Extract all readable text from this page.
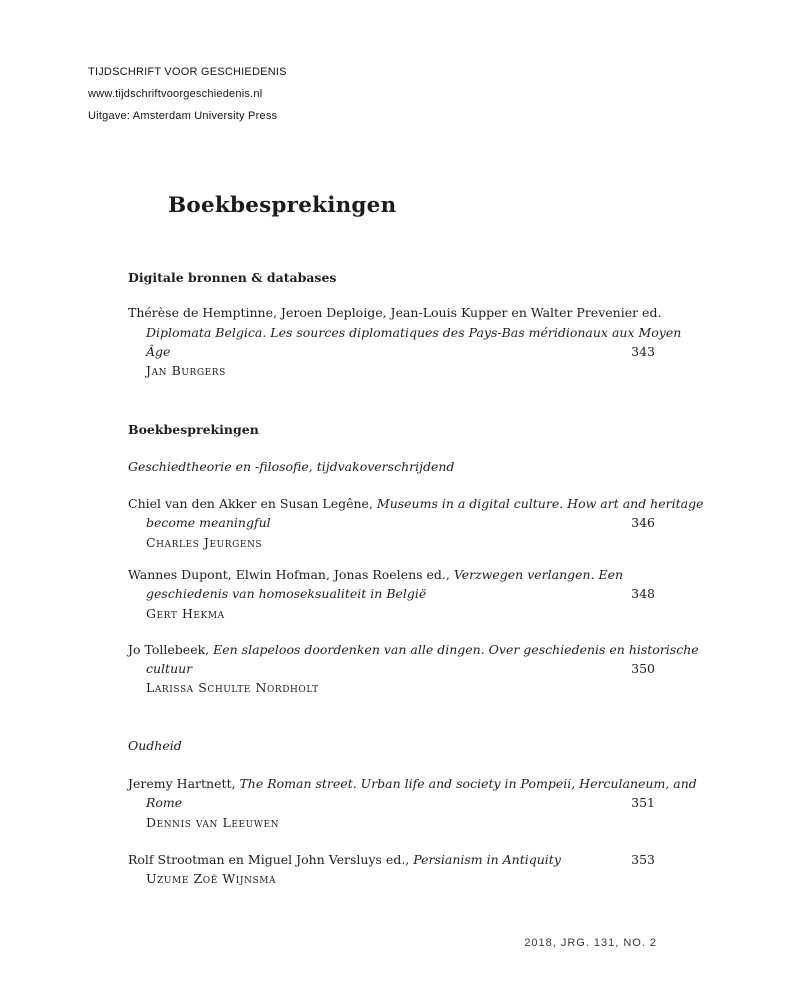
TIJDSCHRIFT VOOR GESCHIEDENIS
www.tijdschriftvoorgeschiedenis.nl
Uitgave: Amsterdam University Press
Boekbesprekingen
Digitale bronnen & databases
Thérèse de Hemptinne, Jeroen Deploige, Jean-Louis Kupper en Walter Prevenier ed.
Diplomata Belgica. Les sources diplomatiques des Pays-Bas méridionaux aux Moyen
Âge	343
Jan Burgers
Boekbesprekingen
Geschiedtheorie en -filosofie, tijdvakoverschrijdend
Chiel van den Akker en Susan Legêne, Museums in a digital culture. How art and heritage
become meaningful	346
Charles Jeurgens
Wannes Dupont, Elwin Hofman, Jonas Roelens ed., Verzwegen verlangen. Een
geschiedenis van homoseksualiteit in België	348
Gert Hekma
Jo Tollebeek, Een slapeloos doordenken van alle dingen. Over geschiedenis en historische
cultuur	350
Larissa Schulte Nordholt
Oudheid
Jeremy Hartnett, The Roman street. Urban life and society in Pompeii, Herculaneum, and
Rome	351
Dennis van Leeuwen
Rolf Strootman en Miguel John Versluys ed., Persianism in Antiquity	353
Uzume Zoë Wijnsma
2018, JRG. 131, NO. 2
